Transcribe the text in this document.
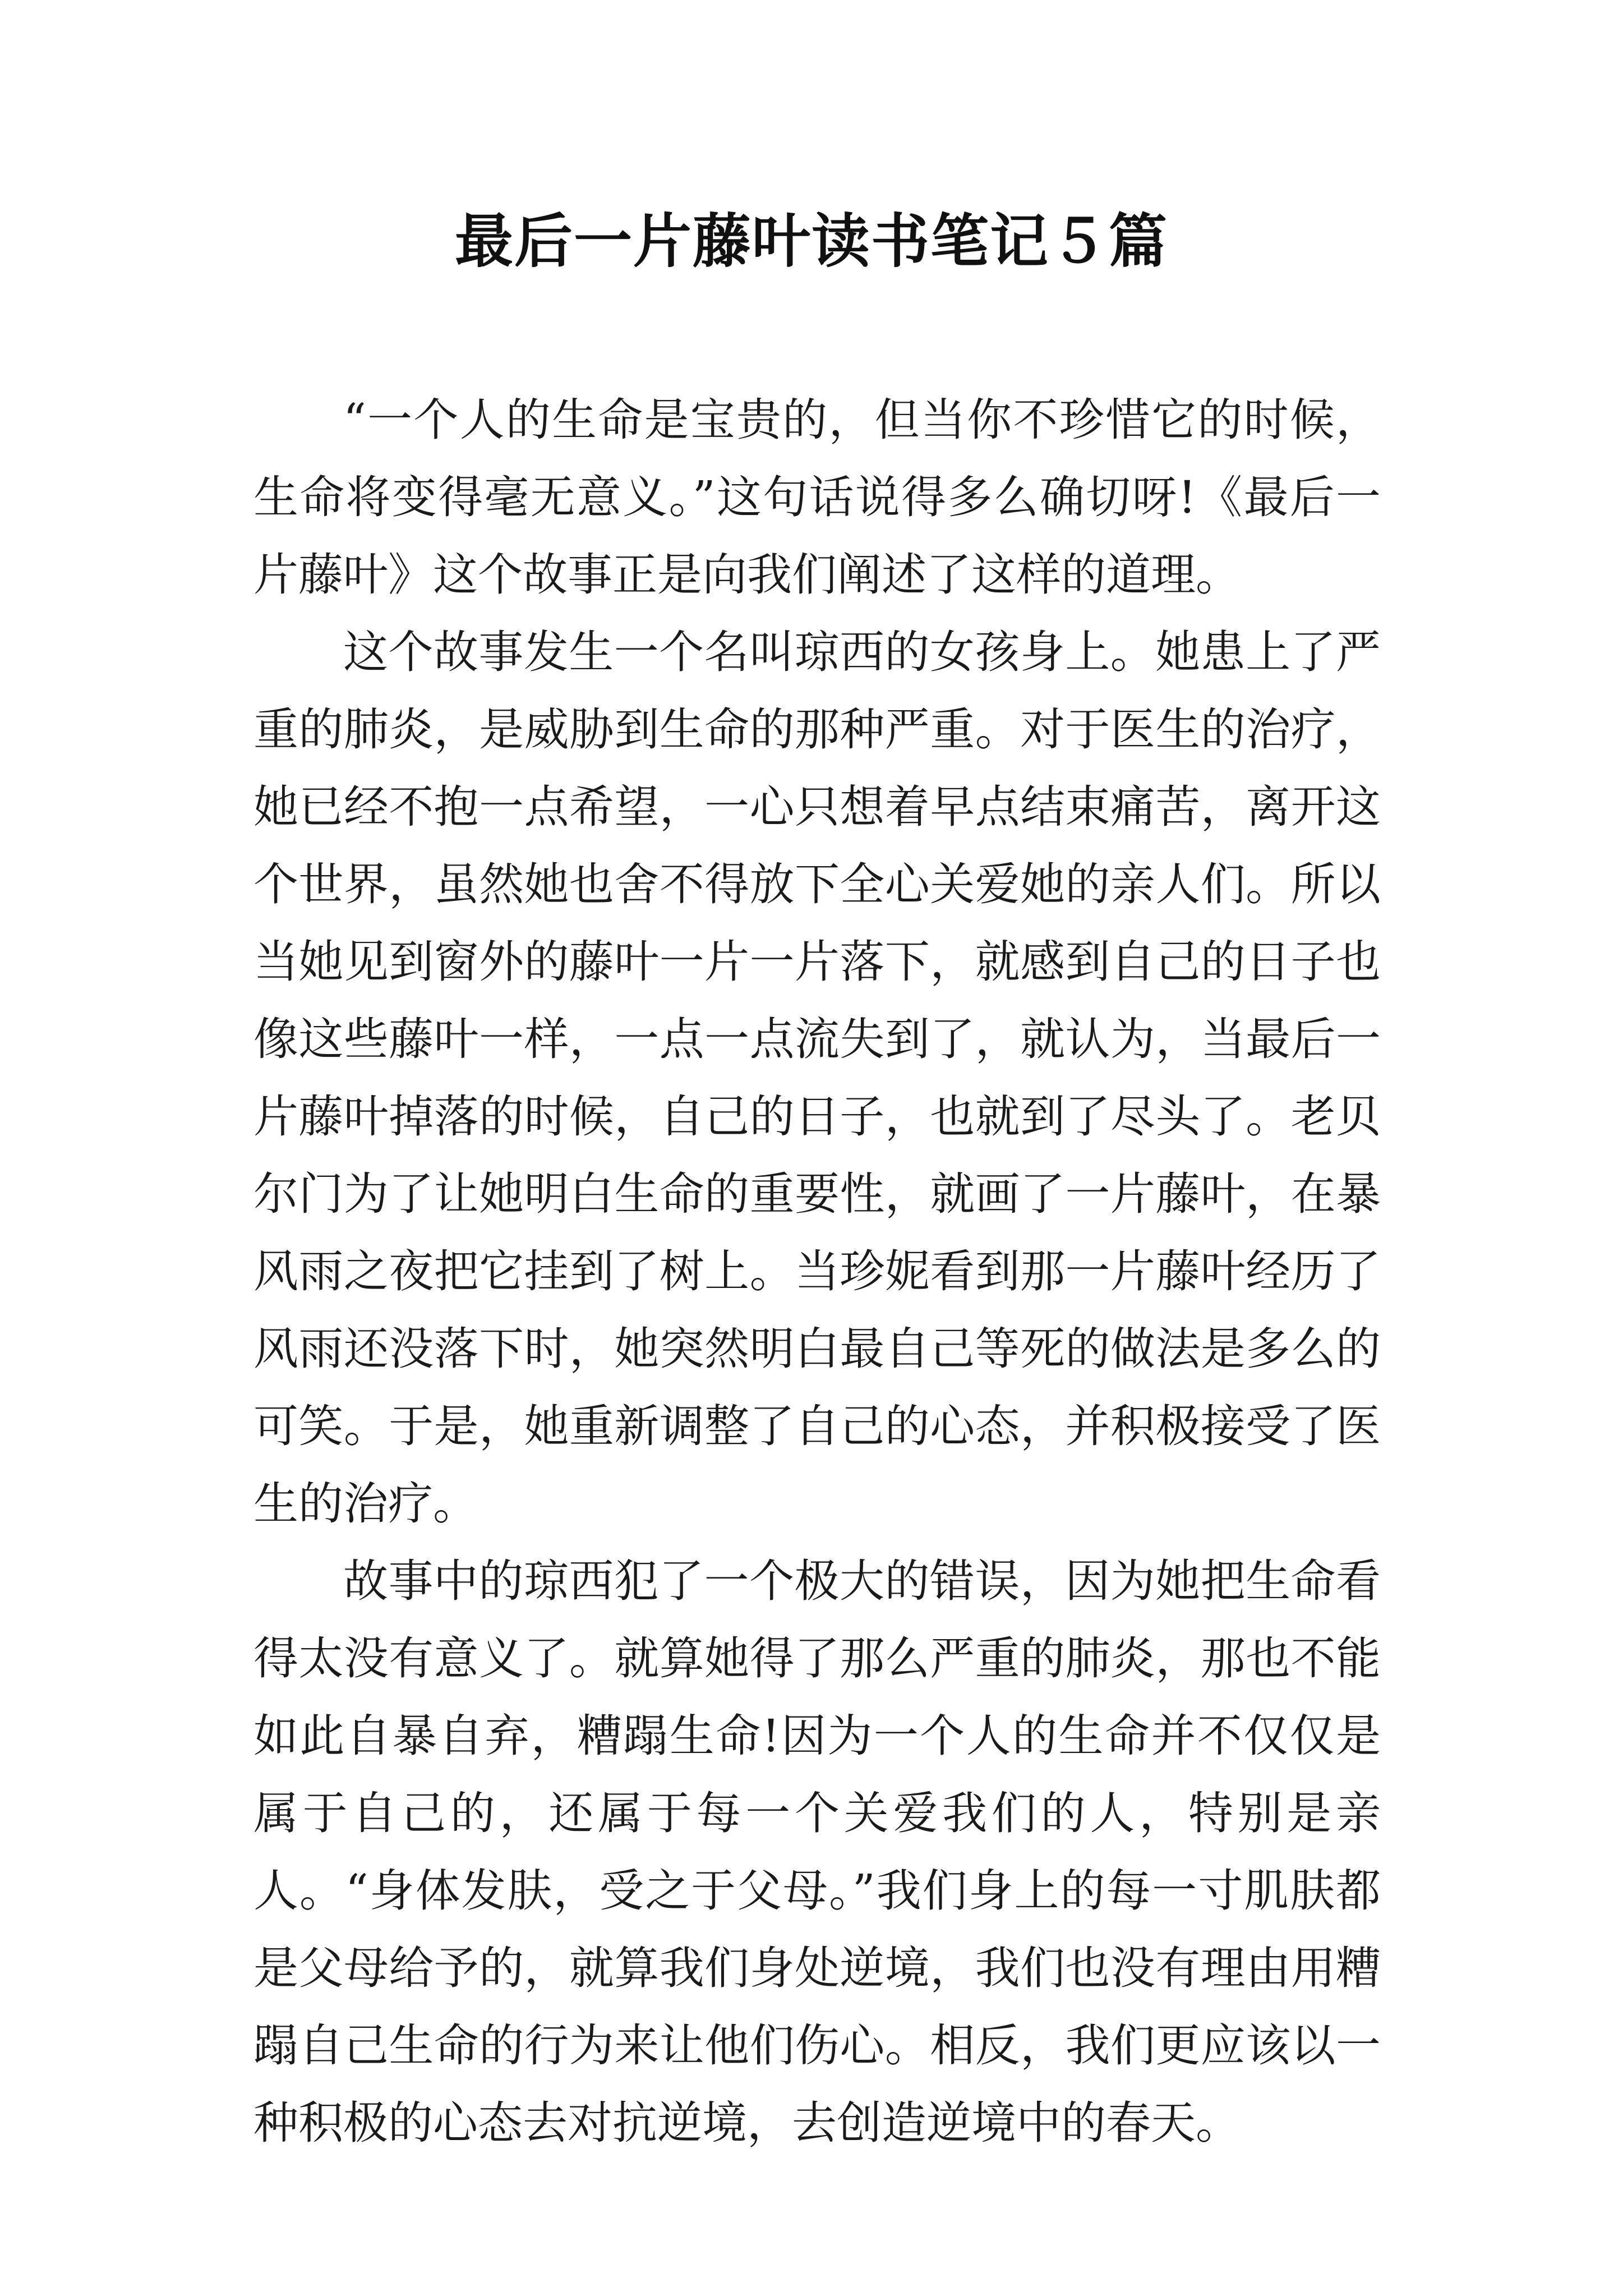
最后一片藤叶读书笔记５篇

“一个人的生命是宝贵的，但当你不珍惜它的时候，生命将变得毫无意义。”这句话说得多么确切呀!《最后一片藤叶》这个故事正是向我们阐述了这样的道理。

这个故事发生一个名叫琼西的女孩身上。她患上了严重的肺炎，是威胁到生命的那种严重。对于医生的治疗，她已经不抱一点希望，一心只想着早点结束痛苦，离开这个世界，虽然她也舍不得放下全心关爱她的亲人们。所以当她见到窗外的藤叶一片一片落下，就感到自己的日子也像这些藤叶一样，一点一点流失到了，就认为，当最后一片藤叶掉落的时候，自己的日子，也就到了尽头了。老贝尔门为了让她明白生命的重要性，就画了一片藤叶，在暴风雨之夜把它挂到了树上。当珍妮看到那一片藤叶经历了风雨还没落下时，她突然明白最自己等死的做法是多么的可笑。于是，她重新调整了自己的心态，并积极接受了医生的治疗。

故事中的琼西犯了一个极大的错误，因为她把生命看得太没有意义了。就算她得了那么严重的肺炎，那也不能如此自暴自弃，糟蹋生命!因为一个人的生命并不仅仅是属于自己的，还属于每一个关爱我们的人，特别是亲人。“身体发肤，受之于父母。”我们身上的每一寸肌肤都是父母给予的，就算我们身处逆境，我们也没有理由用糟蹋自己生命的行为来让他们伤心。相反，我们更应该以一种积极的心态去对抗逆境，去创造逆境中的春天。
